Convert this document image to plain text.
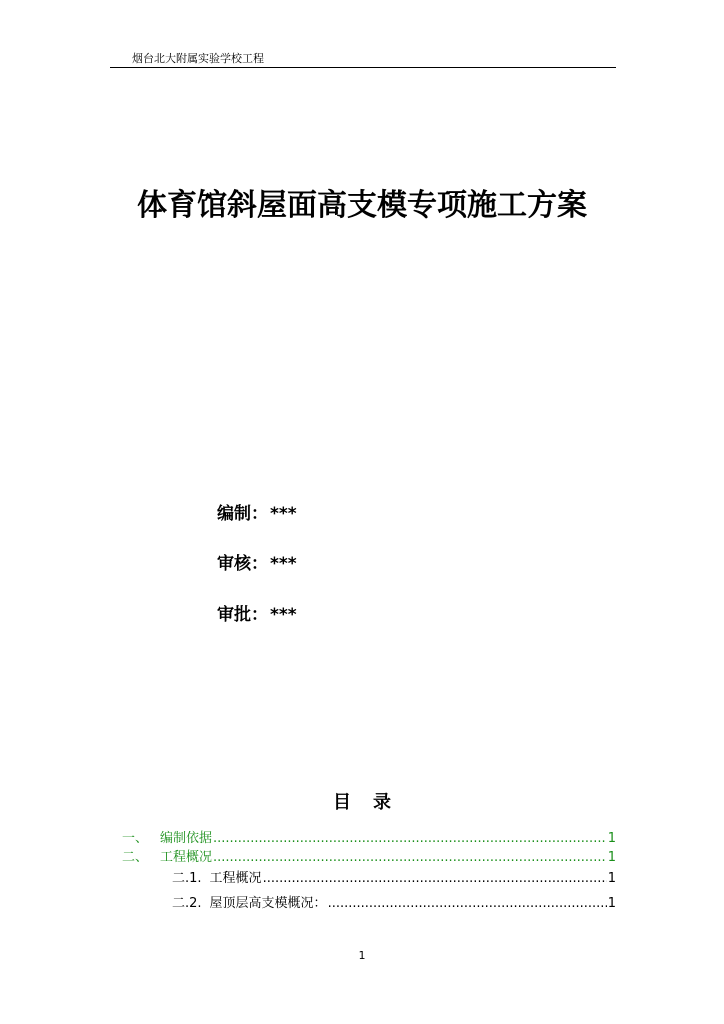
烟台北大附属实验学校工程
体育馆斜屋面高支模专项施工方案
编制： ***
审核： ***
审批： ***
目 录
一、 编制依据 .....	1
二、 工程概况 .....	1
二.1. 工程概况 .....	1
二.2. 屋顶层高支模概况： .....	1
1
